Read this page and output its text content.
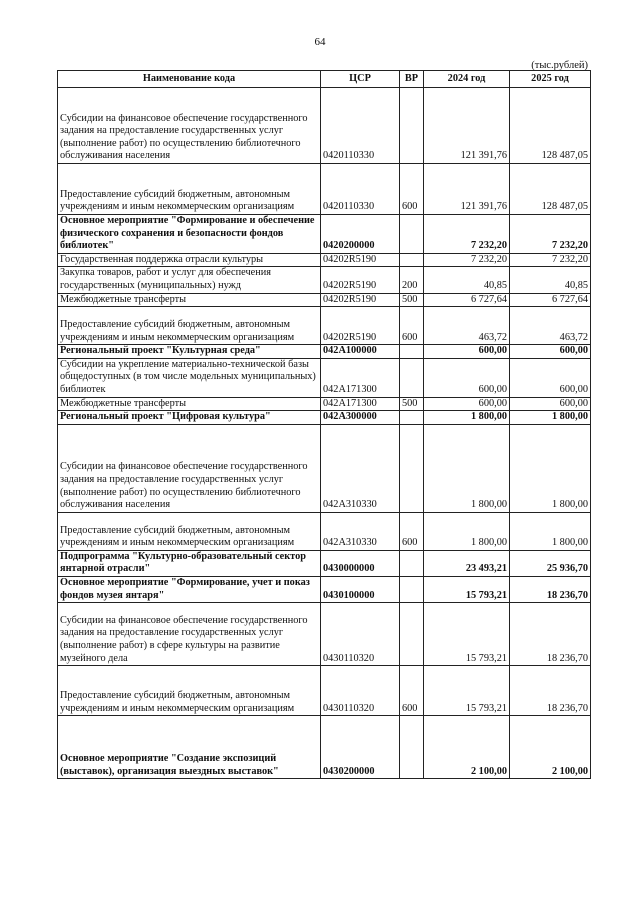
64
(тыс.рублей)
Наименование кода	ЦСР	ВР	2024 год	2025 год
Субсидии на финансовое обеспечение государственного задания на предоставление государственных услуг (выполнение работ) по осуществлению библиотечного обслуживания населения	0420110330		121 391,76	128 487,05
Предоставление субсидий бюджетным, автономным учреждениям и иным некоммерческим организациям	0420110330	600	121 391,76	128 487,05
Основное мероприятие "Формирование и обеспечение физического сохранения и безопасности фондов библиотек"	0420200000		7 232,20	7 232,20
Государственная поддержка отрасли культуры	04202R5190		7 232,20	7 232,20
Закупка товаров, работ и услуг для обеспечения государственных (муниципальных) нужд	04202R5190	200	40,85	40,85
Межбюджетные трансферты	04202R5190	500	6 727,64	6 727,64
Предоставление субсидий бюджетным, автономным учреждениям и иным некоммерческим организациям	04202R5190	600	463,72	463,72
Региональный проект "Культурная среда"	042A100000		600,00	600,00
Субсидии на укрепление материально-технической базы общедоступных (в том числе модельных муниципальных) библиотек	042A171300		600,00	600,00
Межбюджетные трансферты	042A171300	500	600,00	600,00
Региональный проект "Цифровая культура"	042A300000		1 800,00	1 800,00
Субсидии на финансовое обеспечение государственного задания на предоставление государственных услуг (выполнение работ) по осуществлению библиотечного обслуживания населения	042A310330		1 800,00	1 800,00
Предоставление субсидий бюджетным, автономным учреждениям и иным некоммерческим организациям	042A310330	600	1 800,00	1 800,00
Подпрограмма "Культурно-образовательный сектор янтарной отрасли"	0430000000		23 493,21	25 936,70
Основное мероприятие "Формирование, учет и показ фондов музея янтаря"	0430100000		15 793,21	18 236,70
Субсидии на финансовое обеспечение государственного задания на предоставление государственных услуг (выполнение работ) в сфере культуры на развитие музейного дела	0430110320		15 793,21	18 236,70
Предоставление субсидий бюджетным, автономным учреждениям и иным некоммерческим организациям	0430110320	600	15 793,21	18 236,70
Основное мероприятие "Создание экспозиций (выставок), организация выездных выставок"	0430200000		2 100,00	2 100,00
